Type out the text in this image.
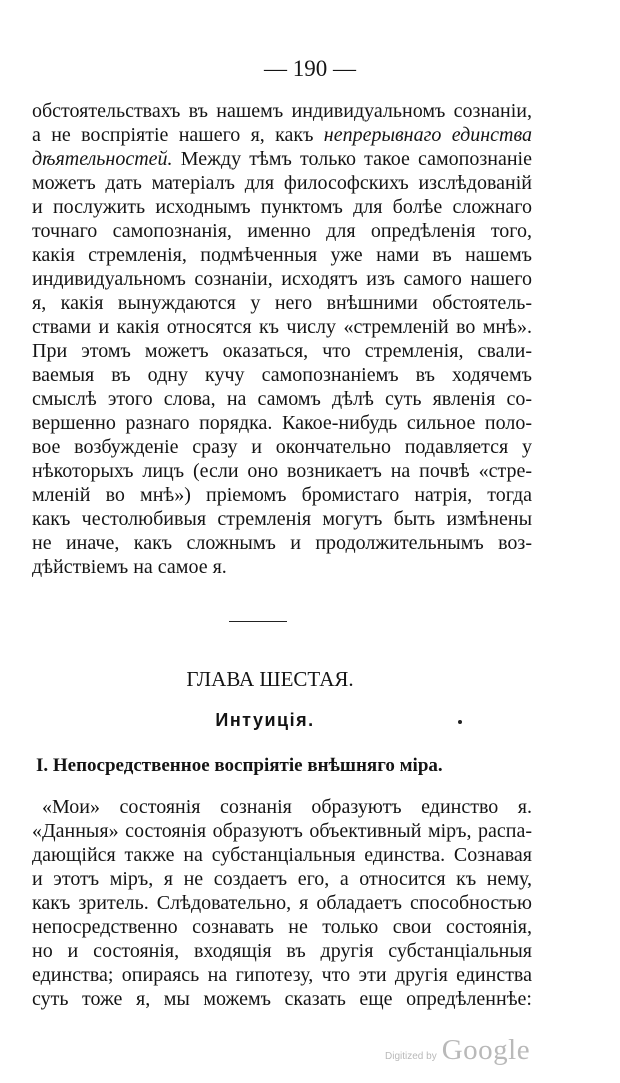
— 190 —
обстоятельствахъ въ нашемъ индивидуальномъ сознаніи,
а не воспріятіе нашего я, какъ непрерывнаго единства
дѣятельностей. Между тѣмъ только такое самопознаніе
можетъ дать матеріалъ для философскихъ изслѣдованій
и послужить исходнымъ пунктомъ для болѣе сложнаго
точнаго самопознанія, именно для опредѣленія того,
какія стремленія, подмѣченныя уже нами въ нашемъ
индивидуальномъ сознаніи, исходятъ изъ самого нашего
я, какія вынуждаются у него внѣшними обстоятель-
ствами и какія относятся къ числу «стремленій во мнѣ».
При этомъ можетъ оказаться, что стремленія, свали-
ваемыя въ одну кучу самопознаніемъ въ ходячемъ
смыслѣ этого слова, на самомъ дѣлѣ суть явленія со-
вершенно разнаго порядка. Какое-нибудь сильное поло-
вое возбужденіе сразу и окончательно подавляется у
нѣкоторыхъ лицъ (если оно возникаетъ на почвѣ «стре-
мленій во мнѣ») пріемомъ бромистаго натрія, тогда
какъ честолюбивыя стремленія могутъ быть измѣнены
не иначе, какъ сложнымъ и продолжительнымъ воз-
дѣйствіемъ на самое я.
ГЛАВА ШЕСТАЯ.
Интуиція.
I. Непосредственное воспріятіе внѣшняго міра.
«Мои» состоянія сознанія образуютъ единство я.
«Данныя» состоянія образуютъ объективный міръ, распа-
дающійся также на субстанціальныя единства. Сознавая
и этотъ міръ, я не создаетъ его, а относится къ нему,
какъ зритель. Слѣдовательно, я обладаетъ способностью
непосредственно сознавать не только свои состоянія,
но и состоянія, входящія въ другія субстанціальныя
единства; опираясь на гипотезу, что эти другія единства
суть тоже я, мы можемъ сказать еще опредѣленнѣе:
Digitized by Google
